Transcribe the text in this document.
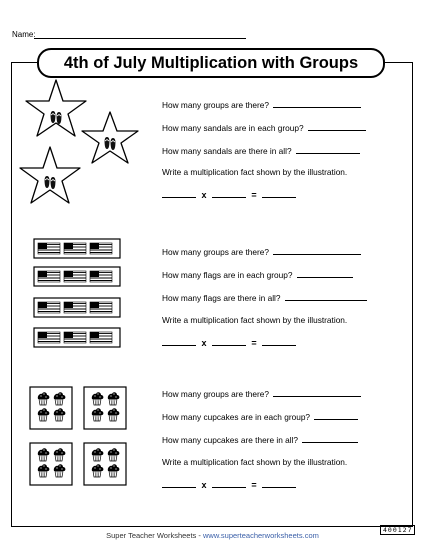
Name:
4th of July Multiplication with Groups
How many groups are there?
How many sandals are in each group?
How many sandals are there in all?
Write a multiplication fact shown by the illustration.
x	=
How many groups are there?
How many flags are in each group?
How many flags are there in all?
Write a multiplication fact shown by the illustration.
x	=
How many groups are there?
How many cupcakes are in each group?
How many cupcakes are there in all?
Write a multiplication fact shown by the illustration.
x	=
Super Teacher Worksheets - www.superteacherworksheets.com
400127
